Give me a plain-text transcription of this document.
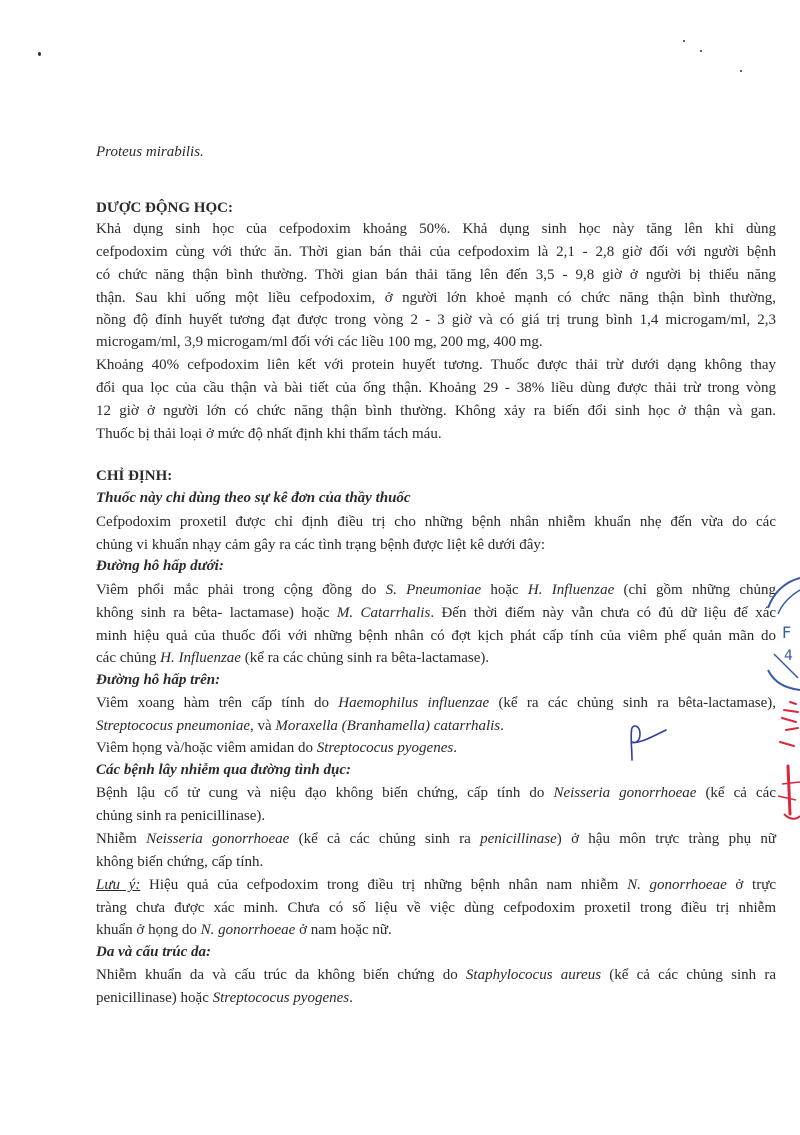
Proteus mirabilis.
DƯỢC ĐỘNG HỌC:
Khả dụng sinh học của cefpodoxim khoảng 50%. Khả dụng sinh học này tăng lên khi dùng
cefpodoxim cùng với thức ăn. Thời gian bán thải của cefpodoxim là 2,1 - 2,8 giờ đối với người bệnh
có chức năng thận bình thường. Thời gian bán thải tăng lên đến 3,5 - 9,8 giờ ở người bị thiểu năng
thận. Sau khi uống một liều cefpodoxim, ở người lớn khoẻ mạnh có chức năng thận bình thường,
nồng độ đỉnh huyết tương đạt được trong vòng 2 - 3 giờ và có giá trị trung bình 1,4 microgam/ml, 2,3
microgam/ml, 3,9 microgam/ml đối với các liều 100 mg, 200 mg, 400 mg.
Khoảng 40% cefpodoxim liên kết với protein huyết tương. Thuốc được thải trừ dưới dạng không thay
đổi qua lọc của cầu thận và bài tiết của ống thận. Khoảng 29 - 38% liều dùng được thải trừ trong vòng
12 giờ ở người lớn có chức năng thận bình thường. Không xảy ra biến đổi sinh học ở thận và gan.
Thuốc bị thải loại ở mức độ nhất định khi thẩm tách máu.
CHỈ ĐỊNH:
Thuốc này chỉ dùng theo sự kê đơn của thầy thuốc
Cefpodoxim proxetil được chỉ định điều trị cho những bệnh nhân nhiễm khuẩn nhẹ đến vừa do các
chủng vi khuẩn nhạy cảm gây ra các tình trạng bệnh được liệt kê dưới đây:
Đường hô hấp dưới:
Viêm phổi mắc phải trong cộng đồng do S. Pneumoniae hoặc H. Influenzae (chỉ gồm những chủng
không sinh ra bêta- lactamase) hoặc M. Catarrhalis. Đến thời điểm này vẫn chưa có đủ dữ liệu để xác
minh hiệu quả của thuốc đối với những bệnh nhân có đợt kịch phát cấp tính của viêm phế quản mãn do
các chủng H. Influenzae (kể ra các chủng sinh ra bêta-lactamase).
Đường hô hấp trên:
Viêm xoang hàm trên cấp tính do Haemophilus influenzae (kể ra các chủng sinh ra bêta-lactamase),
Streptococus pneumoniae, và Moraxella (Branhamella) catarrhalis.
Viêm họng và/hoặc viêm amidan do Streptococus pyogenes.
Các bệnh lây nhiễm qua đường tình dục:
Bệnh lậu cổ tử cung và niệu đạo không biến chứng, cấp tính do Neisseria gonorrhoeae (kể cả các
chủng sinh ra penicillinase).
Nhiễm Neisseria gonorrhoeae (kể cả các chủng sinh ra penicillinase) ở hậu môn trực tràng phụ nữ
không biến chứng, cấp tính.
Lưu ý: Hiệu quả của cefpodoxim trong điều trị những bệnh nhân nam nhiễm N. gonorrhoeae ở trực
tràng chưa được xác minh. Chưa có số liệu về việc dùng cefpodoxim proxetil trong điều trị nhiễm
khuẩn ở họng do N. gonorrhoeae ở nam hoặc nữ.
Da và cấu trúc da:
Nhiễm khuẩn da và cấu trúc da không biến chứng do Staphylococus aureus (kể cả các chủng sinh ra
penicillinase) hoặc Streptococus pyogenes.
F
4
